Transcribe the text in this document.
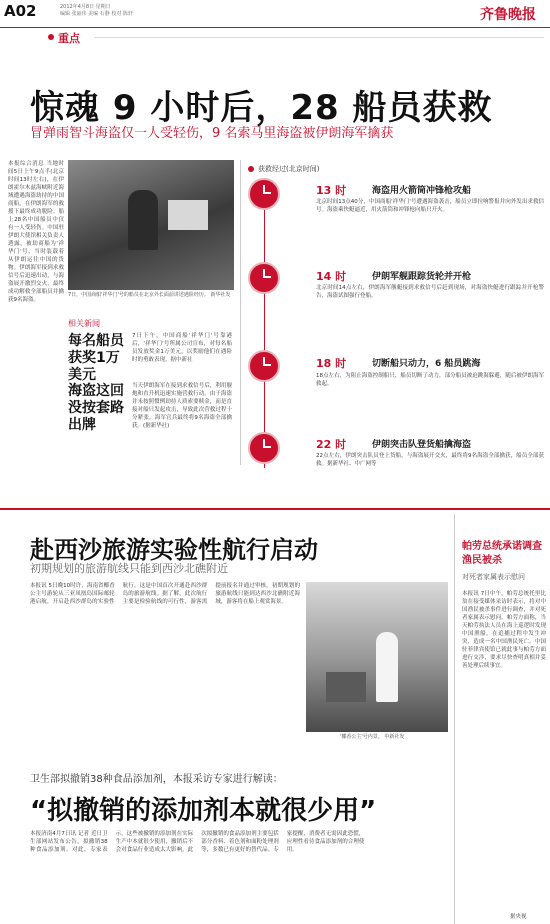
A02	2012年4月8日 星期日
编辑 张丽伟 美编 石静 校对 陈轩	齐鲁晚报
重点
惊魂 9 小时后，28 船员获救
冒弹雨智斗海盗仅一人受轻伤，9 名索马里海盗被伊朗海军擒获
本报综合消息 当地时间5日上午9点半(北京时间13时左右)，在伊朗霍尔木兹海峡附近海域遭遇海盗劫持的中国商船，在伊朗海军的救援下最终成功脱险。船上28名中国船员中仅有一人受轻伤。中国驻伊朗大使馆相关负责人透露，被劫商船为'祥华门'号，当时装载着从伊朗运往中国的货物。伊朗海军接到求救信号后迅速出动，与海盗展开激烈交火，最终成功解救全部船员并擒获9名海盗。
7日，中国商船'祥华门'号的船员在北京外长面前讲述遇险经历。 新华社发
相关新闻
每名船员获奖1万美元
7日下午，中国商船'祥华门'号靠港后，'祥华门'号所属公司宣布，对每名船员发放奖金1万美元，以奖励他们在遇险时的勇敢表现。据中新社
海盗这回没按套路出牌
当天伊朗海军在接到求救信号后，利用舰炮和直升机迅速实施营救行动。由于海盗并未按照惯例劫持人质索要赎金，而是直接对船只发起攻击，导致此次营救过程十分紧张。海军官兵最终将9名海盗全部擒获。(据新华社)
获救经过(北京时间)
13 时	海盗用火箭筒冲锋枪攻船
北京时间13点40分，中国商船'祥华门'号遭遇海盗袭击，船员立即拉响警报并向外发出求救信号。海盗乘快艇逼近，用火箭筒和冲锋枪向船只开火。
14 时	伊朗军舰跟踪货轮并开枪
北京时间14点左右，伊朗海军舰艇接到求救信号后赶到现场，对海盗快艇进行跟踪并开枪警告，海盗试图强行登船。
18 时	切断船只动力，6 船员跳海
18点左右，为阻止海盗控制船只，船员切断了动力，部分船员被迫跳海躲避，随后被伊朗海军救起。
22 时	伊朗突击队登货船擒海盗
22点左右，伊朗突击队员登上货船，与海盗展开交火，最终将9名海盗全部擒获，船员全部获救。据新华社、中广网等
赴西沙旅游实验性航行启动
初期规划的旅游航线只能到西沙北礁附近
本报讯 5日晚10时许，海南省椰香公主号游轮从三亚凤凰岛国际邮轮港启航，开启赴西沙群岛的实验性航行。这是中国首次开通赴西沙群岛的旅游航线。据了解，此次航行主要是检验航线的可行性，游客需提前报名并通过审核。初期规划的旅游航线只能到达西沙北礁附近海域，游客将在船上观赏海景。
'椰香公主'号内景。 中新社发
卫生部拟撤销38种食品添加剂，本报采访专家进行解读：
“拟撤销的添加剂本就很少用”
本报济南4月7日讯 记者 近日卫生部网站发布公告，拟撤销38种食品添加剂。对此，专家表示，这些被撤销的添加剂在实际生产中本就很少使用，撤销后不会对食品行业造成太大影响。此次拟撤销的食品添加剂主要包括部分香料、着色剂和面粉处理剂等，多数已有更好的替代品。专家提醒，消费者无需因此恐慌，应理性看待食品添加剂的合理使用。
帕劳总统承诺调查渔民被杀
对死者家属表示慰问
本报讯 7日中午，帕劳总统托里比翁在接受媒体采访时表示，将对中国渔民被杀事件进行调查，并对死者家属表示慰问。帕劳方面称，当天帕劳执法人员在海上巡逻时发现中国渔船，在追捕过程中发生冲突，造成一名中国渔民死亡。中国驻菲律宾使馆已就此事与帕劳方面进行交涉，要求尽快查明真相并妥善处理后续事宜。
据央视
